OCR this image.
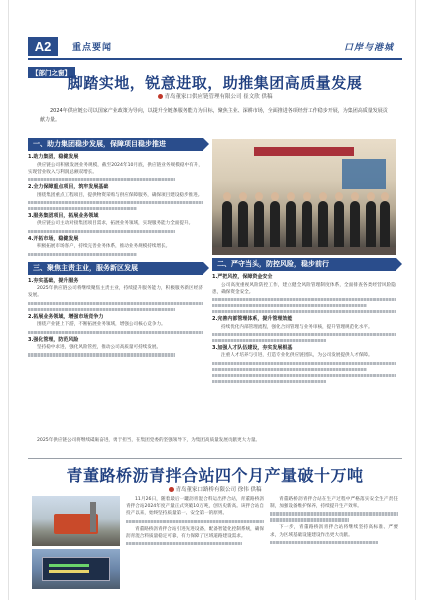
A2	重点要闻	口岸与港城
【部门之窗】
脚踏实地，锐意进取，助推集团高质量发展
青岛董家口供应链管理有限公司 崔文欣 供稿
2024年供应链公司以国家产业政策为导向，以提升全链条服务能力为目标，聚焦主业、深耕市场，全面推进各项经营工作稳步开展，为集团高质量发展贡献力量。
一、助力集团稳步发展，保障项目稳步推进
1.助力集团，稳健发展
供应链公司积极发展业务规模，截至2024年10月底，供应链业务规模稳中有升，实现营业收入与利润总额双增长。
2.全力保障重点项目，筑牢发展基础
围绕集团重点工程项目，提供物资采购与供应保障服务，确保项目建设稳步推进。
3.服务集团项目，拓展业务领域
供应链公司主动对接集团项目需求，拓展业务领域，实现服务能力全面提升。
4.开拓市场，稳健发展
积极拓展市场客户，持续完善业务体系，推动业务规模持续增长。
三、聚焦主责主业，服务新区发展
1.夯实基础，提升服务
2025年供应链公司将继续聚焦主责主业，持续提升服务能力，积极服务新区经济发展。
2.拓展业务领域，增强市场竞争力
围绕产业链上下游，不断拓展业务领域，增强公司核心竞争力。
3.强化管理，防范风险
坚持稳中求进，强化风险管控，推动公司高质量可持续发展。
二、严守当头，防控风险，稳步前行
1.严把风控，保障资金安全
公司高度重视风险防控工作，建立健全风险管理制度体系，全面排查各类经营风险隐患，确保资金安全。
2.完善内部管理体系，提升管理效能
持续优化内部管理流程，强化合同管理与业务审核，提升管理规范化水平。
3.加强人才队伍建设，夯实发展根基
注重人才培养与引进，打造专业化供应链团队，为公司发展提供人才保障。
2025年供应链公司将继续砥砺奋进，勇于担当，在集团党委的坚强领导下，为集团高质量发展贡献更大力量。
青董路桥沥青拌合站四个月产量破十万吨
青岛董家口路桥有限公司 徐伟 供稿
11月26日，随着最后一罐沥青混合料运出拌合站，青董路桥沥青拌合站2024年度产量正式突破10万吨，创历史新高。该拌合站自投产以来，始终坚持质量第一、安全第一的原则。
青董路桥沥青拌合站引进先进设备，配备智能化控制系统，确保沥青混合料质量稳定可靠，有力保障了区域道路建设需求。
青董路桥沥青拌合站在生产过程中严格落实安全生产责任制，加强设备维护保养，持续提升生产效率。
下一步，青董路桥沥青拌合站将继续坚持高标准、严要求，为区域基础设施建设作出更大贡献。
